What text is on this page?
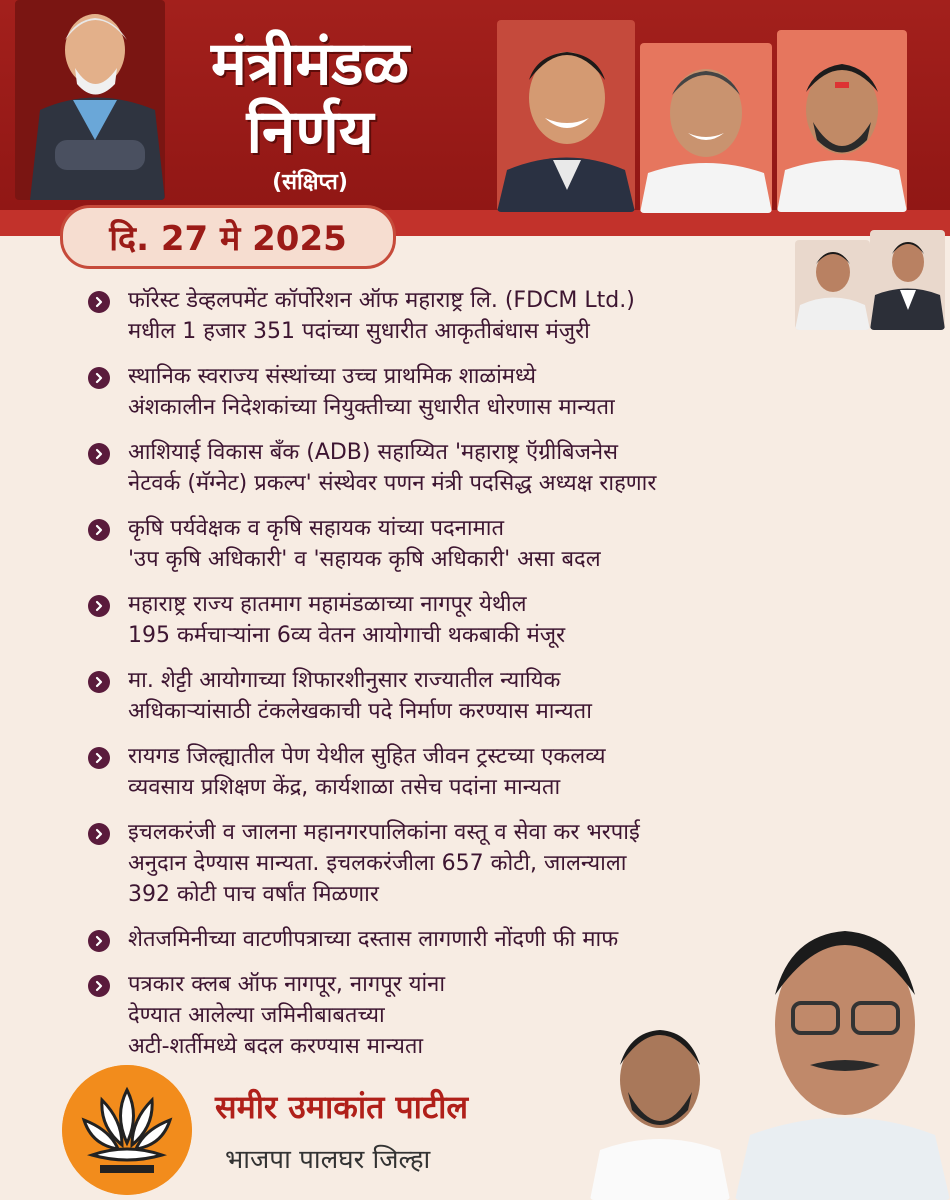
मंत्रीमंडळ
निर्णय
(संक्षिप्त)
दि. 27 मे 2025
फॉरेस्ट डेव्हलपमेंट कॉर्पोरेशन ऑफ महाराष्ट्र लि. (FDCM Ltd.)
मधील 1 हजार 351 पदांच्या सुधारीत आकृतीबंधास मंजुरी
स्थानिक स्वराज्य संस्थांच्या उच्च प्राथमिक शाळांमध्ये
अंशकालीन निदेशकांच्या नियुक्तीच्या सुधारीत धोरणास मान्यता
आशियाई विकास बँक (ADB) सहाय्यित 'महाराष्ट्र ऍग्रीबिजनेस
नेटवर्क (मॅग्नेट) प्रकल्प' संस्थेवर पणन मंत्री पदसिद्ध अध्यक्ष राहणार
कृषि पर्यवेक्षक व कृषि सहायक यांच्या पदनामात
'उप कृषि अधिकारी' व 'सहायक कृषि अधिकारी' असा बदल
महाराष्ट्र राज्य हातमाग महामंडळाच्या नागपूर येथील
195 कर्मचाऱ्यांना 6व्य वेतन आयोगाची थकबाकी मंजूर
मा. शेट्टी आयोगाच्या शिफारशीनुसार राज्यातील न्यायिक
अधिकाऱ्यांसाठी टंकलेखकाची पदे निर्माण करण्यास मान्यता
रायगड जिल्ह्यातील पेण येथील सुहित जीवन ट्रस्टच्या एकलव्य
व्यवसाय प्रशिक्षण केंद्र, कार्यशाळा तसेच पदांना मान्यता
इचलकरंजी व जालना महानगरपालिकांना वस्तू व सेवा कर भरपाई
अनुदान देण्यास मान्यता. इचलकरंजीला 657 कोटी, जालन्याला
392 कोटी पाच वर्षांत मिळणार
शेतजमिनीच्या वाटणीपत्राच्या दस्तास लागणारी नोंदणी फी माफ
पत्रकार क्लब ऑफ नागपूर, नागपूर यांना
देण्यात आलेल्या जमिनीबाबतच्या
अटी-शर्तीमध्ये बदल करण्यास मान्यता
समीर उमाकांत पाटील
भाजपा पालघर जिल्हा
